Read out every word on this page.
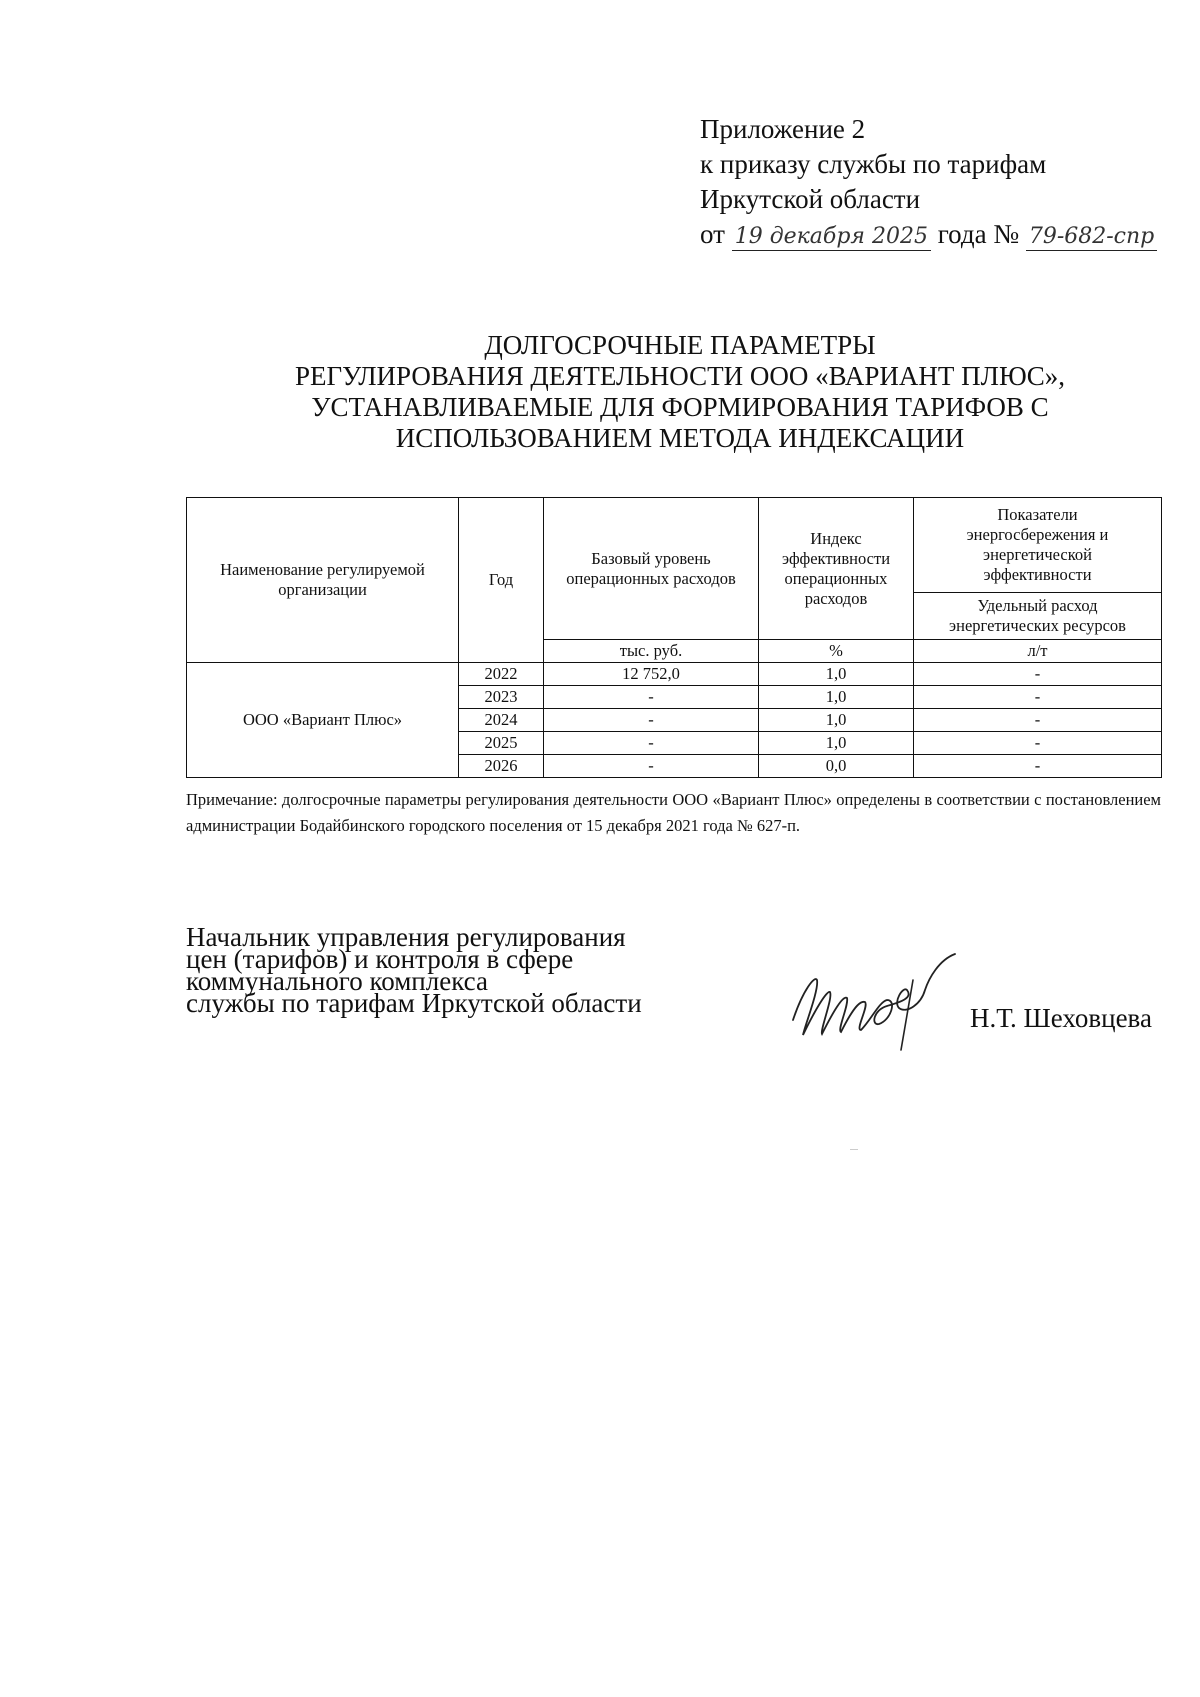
Приложение 2
к приказу службы по тарифам
Иркутской области
от 19 декабря 2025 года № 79-682-спр
ДОЛГОСРОЧНЫЕ ПАРАМЕТРЫ
РЕГУЛИРОВАНИЯ ДЕЯТЕЛЬНОСТИ ООО «ВАРИАНТ ПЛЮС»,
УСТАНАВЛИВАЕМЫЕ ДЛЯ ФОРМИРОВАНИЯ ТАРИФОВ С
ИСПОЛЬЗОВАНИЕМ МЕТОДА ИНДЕКСАЦИИ
Наименование регулируемой организации	Год	Базовый уровень операционных расходов	Индекс эффективности операционных расходов	Показатели энергосбережения и энергетической эффективности
				Удельный расход энергетических ресурсов
		тыс. руб.	%	л/т
ООО «Вариант Плюс»	2022	12 752,0	1,0	-
	2023	-	1,0	-
	2024	-	1,0	-
	2025	-	1,0	-
	2026	-	0,0	-
Примечание: долгосрочные параметры регулирования деятельности ООО «Вариант Плюс» определены в соответствии с постановлением администрации Бодайбинского городского поселения от 15 декабря 2021 года № 627-п.
Начальник управления регулирования
цен (тарифов) и контроля в сфере
коммунального комплекса
службы по тарифам Иркутской области	Н.Т. Шеховцева
